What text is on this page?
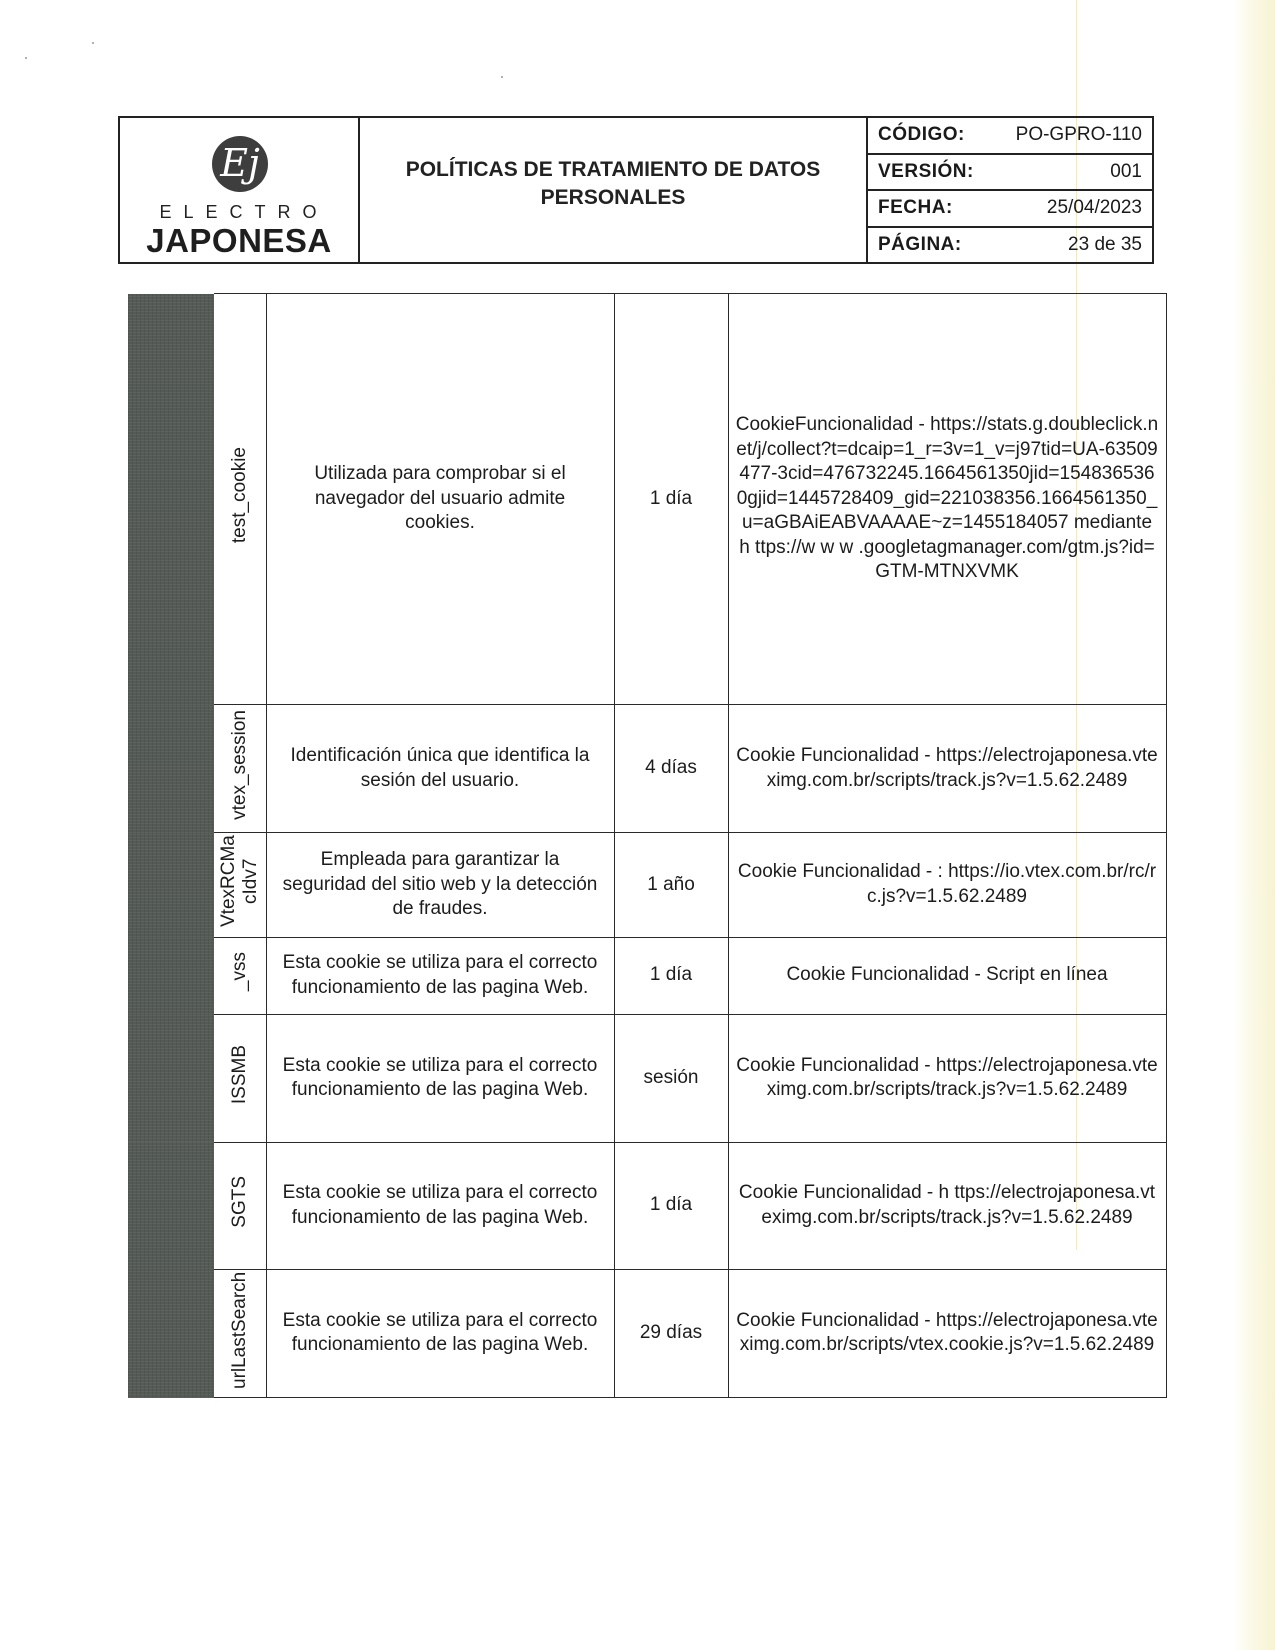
Ej
ELECTRO
JAPONESA
POLÍTICAS DE TRATAMIENTO DE DATOS PERSONALES
CÓDIGO:	PO-GPRO-110
VERSIÓN:	001
FECHA:	25/04/2023
PÁGINA:	23 de 35
	test_cookie	Utilizada para comprobar si el navegador del usuario admite cookies.	1 día	CookieFuncionalidad - https://stats.g.doubleclick.net/j/collect?t=dcaip=1_r=3v=1_v=j97tid=UA-63509477-3cid=476732245.1664561350jid=1548365360gjid=1445728409_gid=221038356.1664561350_u=aGBAiEABVAAAAE~z=1455184057 mediante h ttps://w w w .googletagmanager.com/gtm.js?id=GTM-MTNXVMK
	vtex_session	Identificación única que identifica la sesión del usuario.	4 días	Cookie Funcionalidad - https://electrojaponesa.vteximg.com.br/scripts/track.js?v=1.5.62.2489
	VtexRCMacIdv7	Empleada para garantizar la seguridad del sitio web y la detección de fraudes.	1 año	Cookie Funcionalidad - : https://io.vtex.com.br/rc/rc.js?v=1.5.62.2489
	_vss	Esta cookie se utiliza para el correcto funcionamiento de las pagina Web.	1 día	Cookie Funcionalidad - Script en línea
	ISSMB	Esta cookie se utiliza para el correcto funcionamiento de las pagina Web.	sesión	Cookie Funcionalidad - https://electrojaponesa.vteximg.com.br/scripts/track.js?v=1.5.62.2489
	SGTS	Esta cookie se utiliza para el correcto funcionamiento de las pagina Web.	1 día	Cookie Funcionalidad - h ttps://electrojaponesa.vteximg.com.br/scripts/track.js?v=1.5.62.2489
	urlLastSearch	Esta cookie se utiliza para el correcto funcionamiento de las pagina Web.	29 días	Cookie Funcionalidad - https://electrojaponesa.vteximg.com.br/scripts/vtex.cookie.js?v=1.5.62.2489
